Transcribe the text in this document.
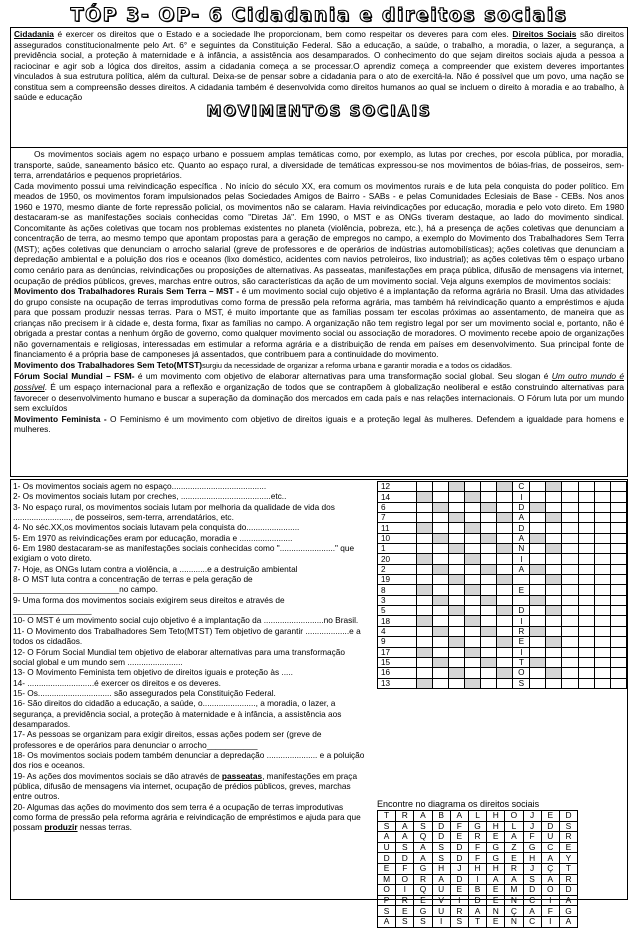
TÓP 3- OP- 6 Cidadania e direitos sociais

Cidadania é exercer os direitos que o Estado e a sociedade lhe proporcionam, bem como respeitar os deveres para com eles. Direitos Sociais são direitos assegurados constitucionalmente pelo Art. 6° e seguintes da Constituição Federal. São a educação, a saúde, o trabalho, a moradia, o lazer, a segurança, a previdência social, a proteção à maternidade e à infância, a assistência aos desamparados. O conhecimento do que sejam direitos sociais ajuda a pessoa a raciocinar e agir sob a lógica dos direitos, assim a cidadania começa a se processar.O aprendiz começa a compreender que existem deveres importantes vinculados à sua estrutura política, além da cultural. Deixa-se de pensar sobre a cidadania para o ato de exercitá-la. Não é possível que um povo, uma nação se constitua sem a compreensão desses direitos. A cidadania também é desenvolvida como direitos humanos ao qual se incluem o direito à moradia e ao trabalho, à saúde e educação

MOVIMENTOS SOCIAIS

Os movimentos sociais agem no espaço urbano e possuem amplas temáticas como, por exemplo, as lutas por creches, por escola pública, por moradia, transporte, saúde, saneamento básico etc. Quanto ao espaço rural, a diversidade de temáticas expressou-se nos movimentos de bóias-frias, de posseiros, sem-terra, arrendatários e pequenos proprietários.

Cada movimento possui uma reivindicação específica . No início do século XX, era comum os movimentos rurais e de luta pela conquista do poder político. Em meados de 1950, os movimentos foram impulsionados pelas Sociedades Amigos de Bairro - SABs - e pelas Comunidades Eclesiais de Base - CEBs. Nos anos 1960 e 1970, mesmo diante de forte repressão policial, os movimentos não se calaram. Havia reivindicações por educação, moradia e pelo voto direto. Em 1980 destacaram-se as manifestações sociais conhecidas como "Diretas Já". Em 1990, o MST e as ONGs tiveram destaque, ao lado do movimento sindical. Concomitante às ações coletivas que tocam nos problemas existentes no planeta (violência, pobreza, etc.), há a presença de ações coletivas que denunciam a concentração de terra, ao mesmo tempo que apontam propostas para a geração de empregos no campo, a exemplo do Movimento dos Trabalhadores Sem Terra (MST); ações coletivas que denunciam o arrocho salarial (greve de professores e de operários de indústrias automobilísticas); ações coletivas que denunciam a depredação ambiental e a poluição dos rios e oceanos (lixo doméstico, acidentes com navios petroleiros, lixo industrial); as ações coletivas têm o espaço urbano como cenário para as denúncias, reivindicações ou proposições de alternativas. As passeatas, manifestações em praça pública, difusão de mensagens via internet, ocupação de prédios públicos, greves, marchas entre outros, são características da ação de um movimento social. Veja alguns exemplos de movimentos sociais:

Movimento dos Trabalhadores Rurais Sem Terra – MST - é um movimento social cujo objetivo é a implantação da reforma agrária no Brasil. Uma das atividades do grupo consiste na ocupação de terras improdutivas como forma de pressão pela reforma agrária, mas também há reivindicação quanto a empréstimos e ajuda para que possam produzir nessas terras. Para o MST, é muito importante que as famílias possam ter escolas próximas ao assentamento, de maneira que as crianças não precisem ir à cidade e, desta forma, fixar as famílias no campo. A organização não tem registro legal por ser um movimento social e, portanto, não é obrigada a prestar contas a nenhum órgão de governo, como qualquer movimento social ou associação de moradores. O movimento recebe apoio de organizações não governamentais e religiosas, interessadas em estimular a reforma agrária e a distribuição de renda em países em desenvolvimento. Sua principal fonte de financiamento é a própria base de camponeses já assentados, que contribuem para a continuidade do movimento.

Movimento dos Trabalhadores Sem Teto(MTST)surgiu da necessidade de organizar a reforma urbana e garantir moradia e a todos os cidadãos.

Fórum Social Mundial – FSM- é um movimento com objetivo de elaborar alternativas para uma transformação social global. Seu slogan é Um outro mundo é possível. É um espaço internacional para a reflexão e organização de todos que se contrapõem à globalização neoliberal e estão construindo alternativas para favorecer o desenvolvimento humano e buscar a superação da dominação dos mercados em cada país e nas relações internacionais. O Fórum luta por um mundo sem excluídos

Movimento Feminista - O Feminismo é um movimento com objetivo de direitos iguais e a proteção legal às mulheres. Defendem a igualdade para homens e mulheres.

1- Os movimentos sociais agem no espaço.........................................

2- Os movimentos sociais lutam por creches, .......................................etc..

3- No espaço rural, os movimentos sociais lutam por melhoria da qualidade de vida dos ........................., de posseiros, sem-terra, arrendatários, etc.

4- No séc.XX,os movimentos sociais lutavam pela conquista do.......................

5- Em 1970 as reivindicações eram por educação, moradia e .......................

6- Em 1980 destacaram-se as manifestações sociais conhecidas como "........................" que exigiam o voto direto.

7- Hoje, as ONGs lutam contra a violência, a ............e a destruição ambiental

8- O MST luta contra a concentração de terras e pela geração de _______________________no campo.

9- Uma forma dos movimentos sociais exigirem seus direitos e através de _________________

10- O MST é um movimento social cujo objetivo é a implantação da ..........................no Brasil.

11- O Movimento dos Trabalhadores Sem Teto(MTST) Tem objetivo de garantir ...................e a todos os cidadãos.

12- O Fórum Social Mundial tem objetivo de elaborar alternativas para uma transformação social global e um mundo sem ........................

13- O Movimento Feminista tem objetivo de direitos iguais e proteção às .....

14- .............................é exercer os direitos e os deveres.

15- Os................................ são assegurados pela Constituição Federal.

16- São direitos do cidadão a educação, a saúde, o......................., a moradia, o lazer, a segurança, a previdência social, a proteção à maternidade e à infância, a assistência aos desamparados.

17- As pessoas se organizam para exigir direitos, essas ações podem ser (greve de professores e de operários para denunciar o arrocho___________

18- Os movimentos sociais podem também denunciar a depredação ...................... e a poluição dos rios e oceanos.

19- As ações dos movimentos sociais se dão através de passeatas, manifestações em praça pública, difusão de mensagens via internet, ocupação de prédios públicos, greves, marchas entre outros.

20- Algumas das ações do movimento dos sem terra é a ocupação de terras improdutivas como forma de pressão pela reforma agrária e reivindicação de empréstimos e ajuda para que possam produzir nessas terras.

12							C						
14							I						
6							D						
7							A						
11							D						
10							A						
1							N						
20							I						
2							A						
19													
8							E						
3													
5							D						
18							I						
4							R						
9							E						
17							I						
15							T						
16							O						
13							S						
Encontre no diagrama os direitos sociais
T	R	A	B	A	L	H	O	J	E	D
S	A	S	D	F	G	H	L	J	D	S
A	A	Q	D	E	R	E	A	F	U	R
U	S	A	S	D	F	G	Z	G	C	E
D	D	A	S	D	F	G	E	H	A	Y
E	F	G	H	J	H	H	R	J	Ç	T
M	O	R	A	D	I	A	A	S	A	R
O	I	Q	U	E	B	E	M	D	O	D
P	R	E	V	I	D	E	N	C	I	A
S	E	G	U	R	A	N	Ç	A	F	G
A	S	S	I	S	T	E	N	C	I	A
